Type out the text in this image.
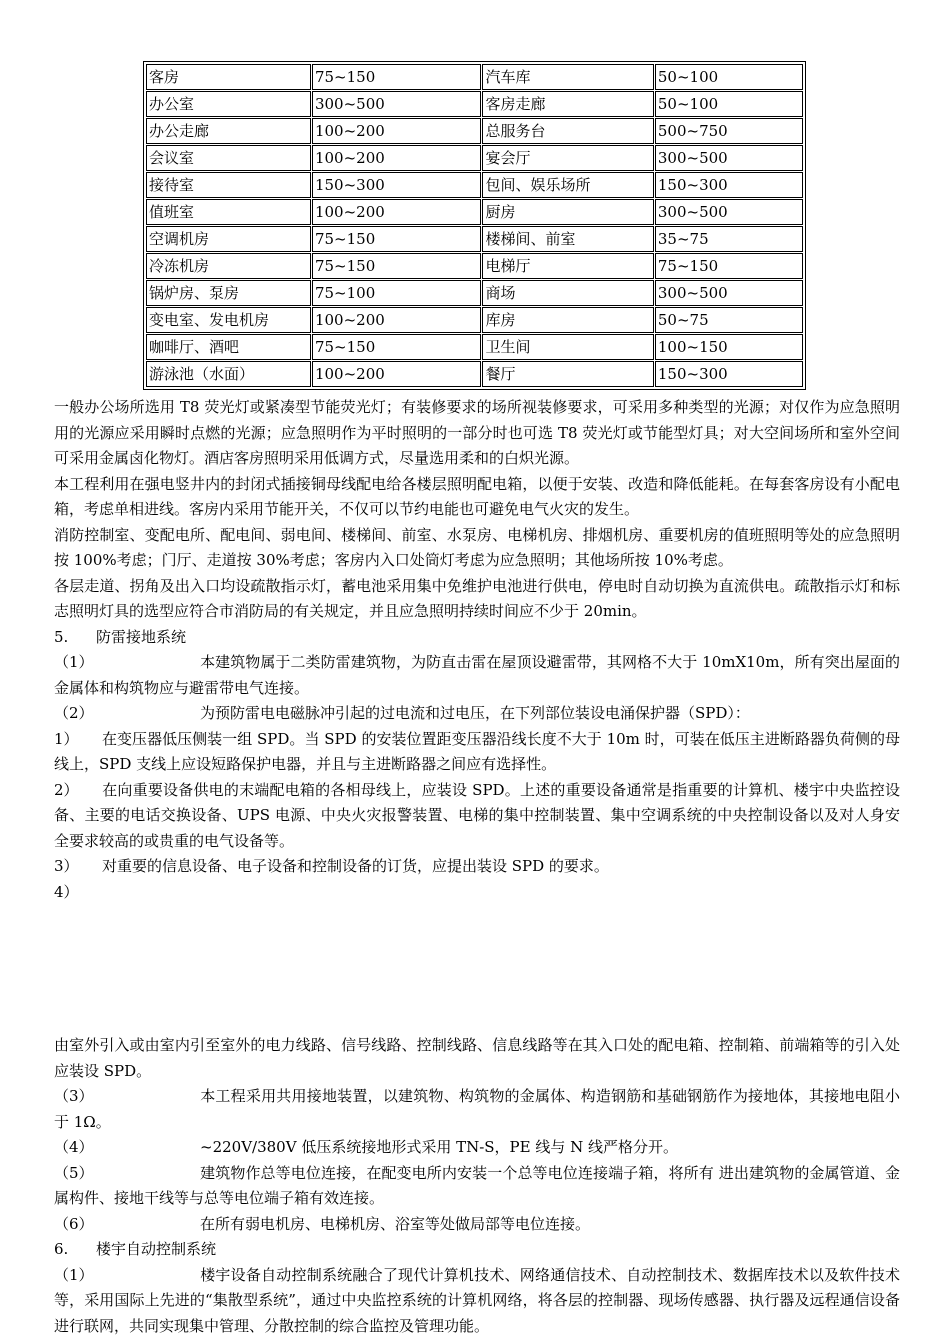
客房	75~150	汽车库	50~100
办公室	300~500	客房走廊	50~100
办公走廊	100~200	总服务台	500~750
会议室	100~200	宴会厅	300~500
接待室	150~300	包间、娱乐场所	150~300
值班室	100~200	厨房	300~500
空调机房	75~150	楼梯间、前室	35~75
冷冻机房	75~150	电梯厅	75~150
锅炉房、泵房	75~100	商场	300~500
变电室、发电机房	100~200	库房	50~75
咖啡厅、酒吧	75~150	卫生间	100~150
游泳池（水面）	100~200	餐厅	150~300

一般办公场所选用 T8 荧光灯或紧凑型节能荧光灯；有装修要求的场所视装修要求，可采用多种类型的光源；对仅作为应急照明用的光源应采用瞬时点燃的光源；应急照明作为平时照明的一部分时也可选 T8 荧光灯或节能型灯具；对大空间场所和室外空间可采用金属卤化物灯。酒店客房照明采用低调方式，尽量选用柔和的白炽光源。

本工程利用在强电竖井内的封闭式插接铜母线配电给各楼层照明配电箱，以便于安装、改造和降低能耗。在每套客房设有小配电箱，考虑单相进线。客房内采用节能开关，不仅可以节约电能也可避免电气火灾的发生。

消防控制室、变配电所、配电间、弱电间、楼梯间、前室、水泵房、电梯机房、排烟机房、重要机房的值班照明等处的应急照明按 100%考虑；门厅、走道按 30%考虑；客房内入口处筒灯考虑为应急照明；其他场所按 10%考虑。

各层走道、拐角及出入口均设疏散指示灯，蓄电池采用集中免维护电池进行供电，停电时自动切换为直流供电。疏散指示灯和标志照明灯具的选型应符合市消防局的有关规定，并且应急照明持续时间应不少于 20min。

5. 防雷接地系统

（1）	本建筑物属于二类防雷建筑物，为防直击雷在屋顶设避雷带，其网格不大于 10mX10m，所有突出屋面的金属体和构筑物应与避雷带电气连接。

（2）	为预防雷电电磁脉冲引起的过电流和过电压，在下列部位装设电涌保护器（SPD）：

1） 在变压器低压侧装一组 SPD。当 SPD 的安装位置距变压器沿线长度不大于 10m 时，可装在低压主进断路器负荷侧的母线上，SPD 支线上应设短路保护电器，并且与主进断路器之间应有选择性。

2） 在向重要设备供电的末端配电箱的各相母线上，应装设 SPD。上述的重要设备通常是指重要的计算机、楼宇中央监控设备、主要的电话交换设备、UPS 电源、中央火灾报警装置、电梯的集中控制装置、集中空调系统的中央控制设备以及对人身安全要求较高的或贵重的电气设备等。

3） 对重要的信息设备、电子设备和控制设备的订货，应提出装设 SPD 的要求。

4）

由室外引入或由室内引至室外的电力线路、信号线路、控制线路、信息线路等在其入口处的配电箱、控制箱、前端箱等的引入处应装设 SPD。

（3）	本工程采用共用接地装置，以建筑物、构筑物的金属体、构造钢筋和基础钢筋作为接地体，其接地电阻小于 1Ω。

（4）	~220V/380V 低压系统接地形式采用 TN-S，PE 线与 N 线严格分开。

（5）	建筑物作总等电位连接，在配变电所内安装一个总等电位连接端子箱，将所有 进出建筑物的金属管道、金属构件、接地干线等与总等电位端子箱有效连接。

（6）	在所有弱电机房、电梯机房、浴室等处做局部等电位连接。

6. 楼宇自动控制系统

（1）	楼宇设备自动控制系统融合了现代计算机技术、网络通信技术、自动控制技术、数据库技术以及软件技术等，采用国际上先进的“集散型系统”，通过中央监控系统的计算机网络，将各层的控制器、现场传感器、执行器及远程通信设备进行联网，共同实现集中管理、分散控制的综合监控及管理功能。
